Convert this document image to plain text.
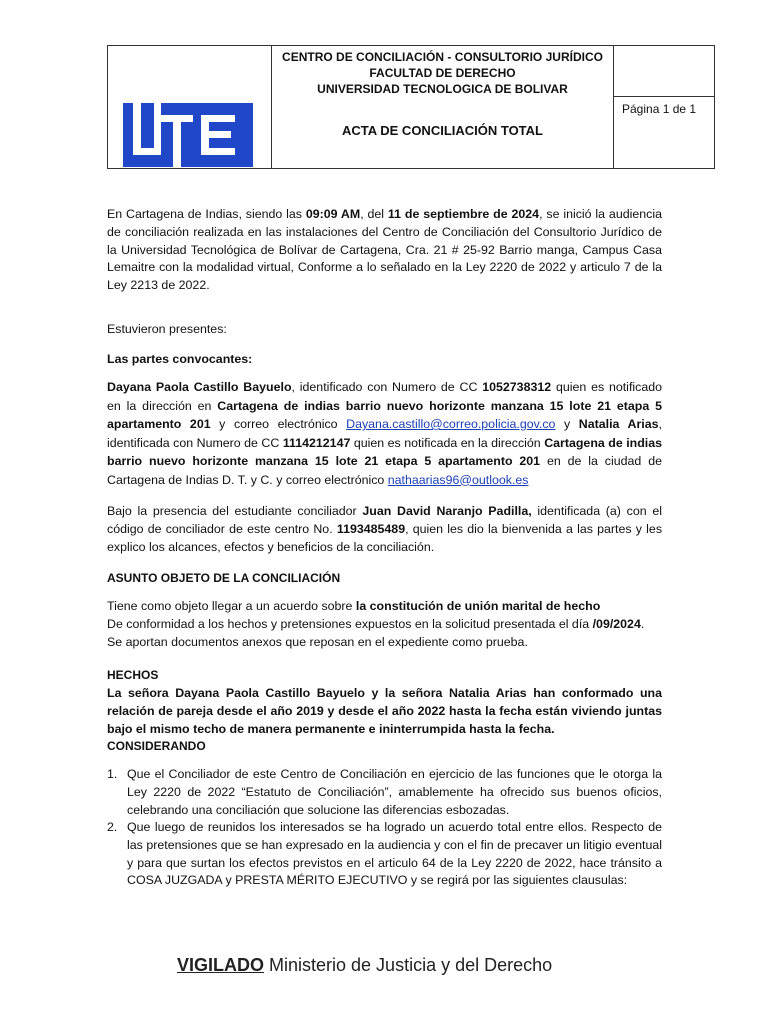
CENTRO DE CONCILIACIÓN - CONSULTORIO JURÍDICO
FACULTAD DE DERECHO
UNIVERSIDAD TECNOLOGICA DE BOLIVAR
ACTA DE CONCILIACIÓN TOTAL
Página 1 de 1
En Cartagena de Indias, siendo las 09:09 AM, del 11 de septiembre de 2024, se inició la audiencia de conciliación realizada en las instalaciones del Centro de Conciliación del Consultorio Jurídico de la Universidad Tecnológica de Bolívar de Cartagena, Cra. 21 # 25-92 Barrio manga, Campus Casa Lemaitre con la modalidad virtual, Conforme a lo señalado en la Ley 2220 de 2022 y articulo 7 de la Ley 2213 de 2022.
Estuvieron presentes:
Las partes convocantes:
Dayana Paola Castillo Bayuelo, identificado con Numero de CC 1052738312 quien es notificado en la dirección en Cartagena de indias barrio nuevo horizonte manzana 15 lote 21 etapa 5 apartamento 201 y correo electrónico Dayana.castillo@correo.policia.gov.co y Natalia Arias, identificada con Numero de CC 1114212147 quien es notificada en la dirección Cartagena de indias barrio nuevo horizonte manzana 15 lote 21 etapa 5 apartamento 201 en de la ciudad de Cartagena de Indias D. T. y C. y correo electrónico nathaarias96@outlook.es
Bajo la presencia del estudiante conciliador Juan David Naranjo Padilla, identificada (a) con el código de conciliador de este centro No. 1193485489, quien les dio la bienvenida a las partes y les explico los alcances, efectos y beneficios de la conciliación.
ASUNTO OBJETO DE LA CONCILIACIÓN
Tiene como objeto llegar a un acuerdo sobre la constitución de unión marital de hecho
De conformidad a los hechos y pretensiones expuestos en la solicitud presentada el día /09/2024. Se aportan documentos anexos que reposan en el expediente como prueba.
HECHOS
La señora Dayana Paola Castillo Bayuelo y la señora Natalia Arias han conformado una relación de pareja desde el año 2019 y desde el año 2022 hasta la fecha están viviendo juntas bajo el mismo techo de manera permanente e ininterrumpida hasta la fecha.
CONSIDERANDO
1. Que el Conciliador de este Centro de Conciliación en ejercicio de las funciones que le otorga la Ley 2220 de 2022 “Estatuto de Conciliación”, amablemente ha ofrecido sus buenos oficios, celebrando una conciliación que solucione las diferencias esbozadas.
2. Que luego de reunidos los interesados se ha logrado un acuerdo total entre ellos. Respecto de las pretensiones que se han expresado en la audiencia y con el fin de precaver un litigio eventual y para que surtan los efectos previstos en el articulo 64 de la Ley 2220 de 2022, hace tránsito a COSA JUZGADA y PRESTA MÉRITO EJECUTIVO y se regirá por las siguientes clausulas:
VIGILADO Ministerio de Justicia y del Derecho
